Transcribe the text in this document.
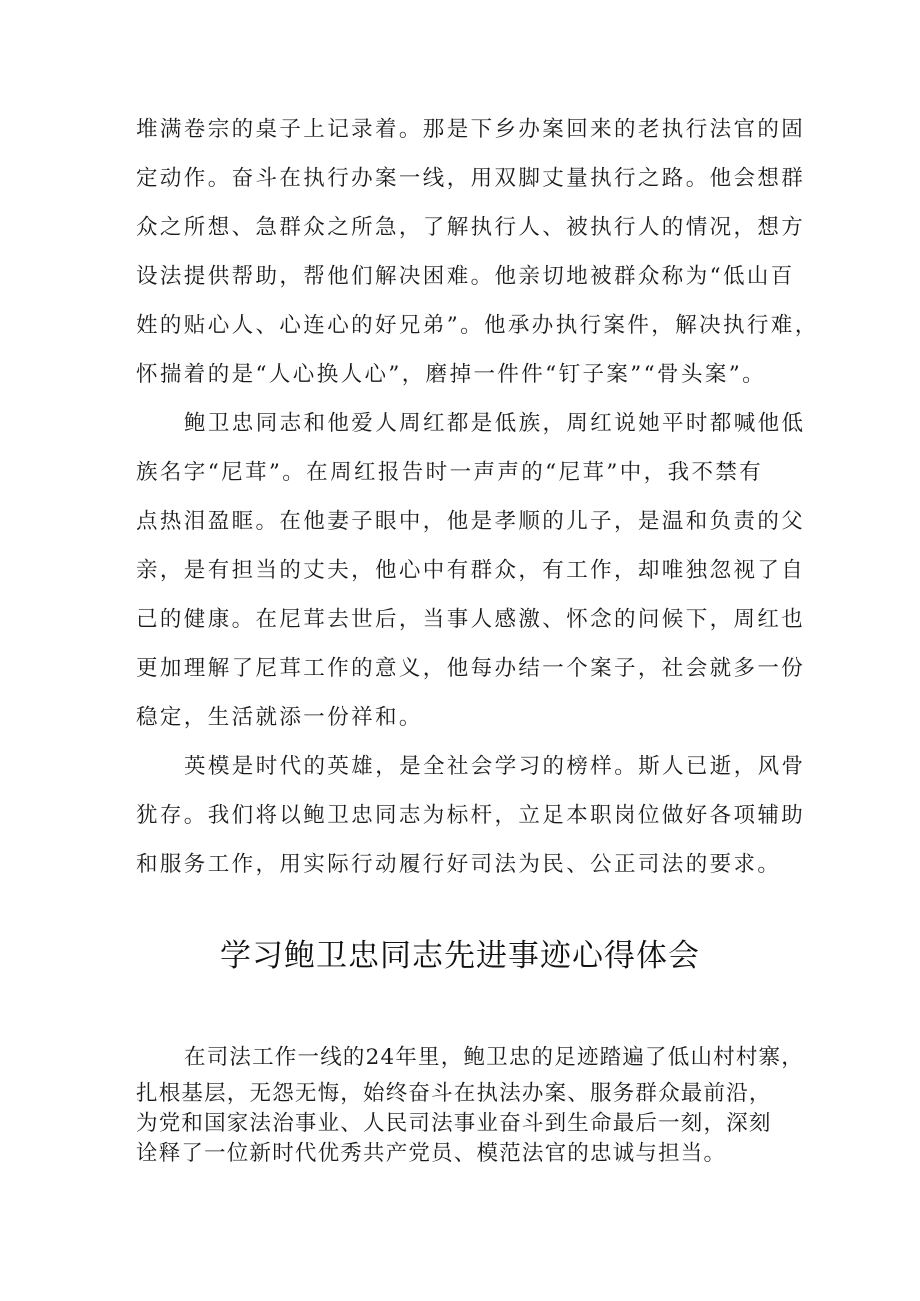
堆满卷宗的桌子上记录着。那是下乡办案回来的老执行法官的固
定动作。奋斗在执行办案一线，用双脚丈量执行之路。他会想群
众之所想、急群众之所急，了解执行人、被执行人的情况，想方
设法提供帮助，帮他们解决困难。他亲切地被群众称为“低山百
姓的贴心人、心连心的好兄弟”。他承办执行案件，解决执行难，
怀揣着的是“人心换人心”，磨掉一件件“钉子案”“骨头案”。
鲍卫忠同志和他爱人周红都是低族，周红说她平时都喊他低
族名字“尼茸”。在周红报告时一声声的“尼茸”中，我不禁有
点热泪盈眶。在他妻子眼中，他是孝顺的儿子，是温和负责的父
亲，是有担当的丈夫，他心中有群众，有工作，却唯独忽视了自
己的健康。在尼茸去世后，当事人感激、怀念的问候下，周红也
更加理解了尼茸工作的意义，他每办结一个案子，社会就多一份
稳定，生活就添一份祥和。
英模是时代的英雄，是全社会学习的榜样。斯人已逝，风骨
犹存。我们将以鲍卫忠同志为标杆，立足本职岗位做好各项辅助
和服务工作，用实际行动履行好司法为民、公正司法的要求。
学习鲍卫忠同志先进事迹心得体会
在司法工作一线的24年里，鲍卫忠的足迹踏遍了低山村村寨，
扎根基层，无怨无悔，始终奋斗在执法办案、服务群众最前沿，
为党和国家法治事业、人民司法事业奋斗到生命最后一刻，深刻
诠释了一位新时代优秀共产党员、模范法官的忠诚与担当。
